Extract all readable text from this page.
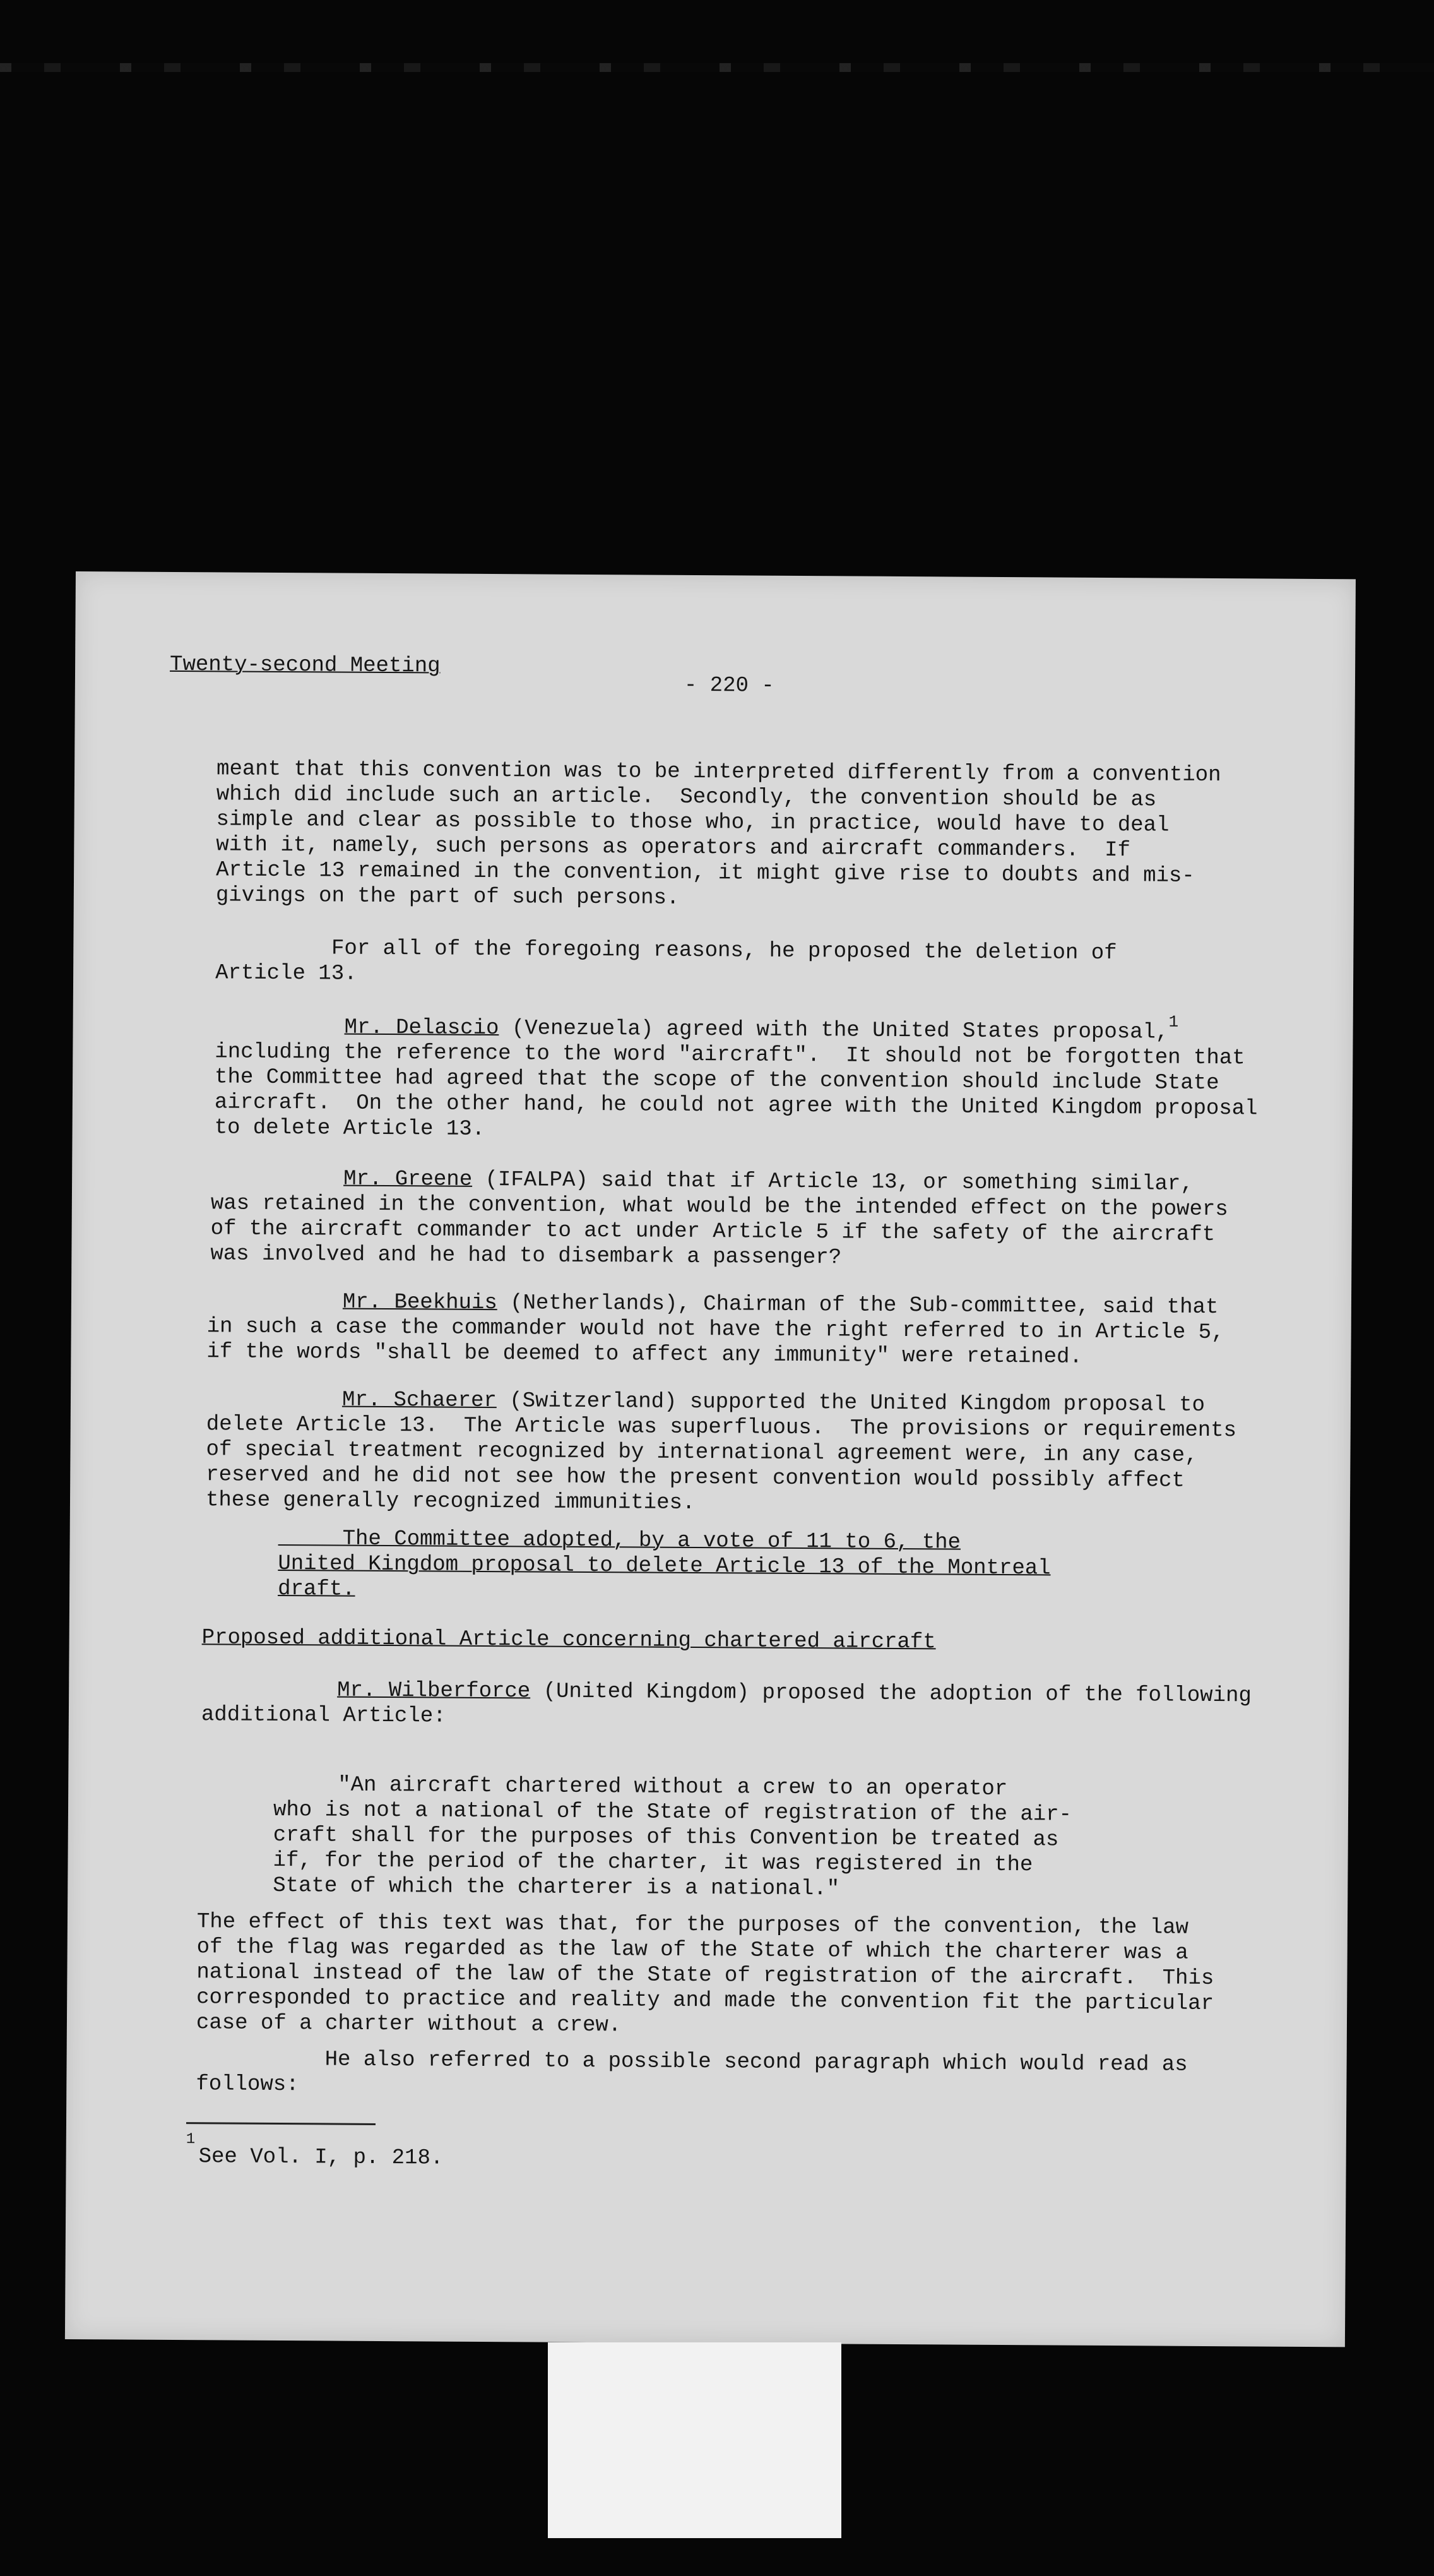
Twenty-second Meeting
- 220 -
meant that this convention was to be interpreted differently from a convention
which did include such an article.  Secondly, the convention should be as
simple and clear as possible to those who, in practice, would have to deal
with it, namely, such persons as operators and aircraft commanders.  If
Article 13 remained in the convention, it might give rise to doubts and mis-
givings on the part of such persons.
For all of the foregoing reasons, he proposed the deletion of
Article 13.
Mr. Delascio (Venezuela) agreed with the United States proposal,$^1$
including the reference to the word "aircraft".  It should not be forgotten that
the Committee had agreed that the scope of the convention should include State
aircraft.  On the other hand, he could not agree with the United Kingdom proposal
to delete Article 13.
Mr. Greene (IFALPA) said that if Article 13, or something similar,
was retained in the convention, what would be the intended effect on the powers
of the aircraft commander to act under Article 5 if the safety of the aircraft
was involved and he had to disembark a passenger?
Mr. Beekhuis (Netherlands), Chairman of the Sub-committee, said that
in such a case the commander would not have the right referred to in Article 5,
if the words "shall be deemed to affect any immunity" were retained.
Mr. Schaerer (Switzerland) supported the United Kingdom proposal to
delete Article 13.  The Article was superfluous.  The provisions or requirements
of special treatment recognized by international agreement were, in any case,
reserved and he did not see how the present convention would possibly affect
these generally recognized immunities.
The Committee adopted, by a vote of 11 to 6, the
United Kingdom proposal to delete Article 13 of the Montreal
draft.
Proposed additional Article concerning chartered aircraft
Mr. Wilberforce (United Kingdom) proposed the adoption of the following
additional Article:
"An aircraft chartered without a crew to an operator
who is not a national of the State of registration of the air-
craft shall for the purposes of this Convention be treated as
if, for the period of the charter, it was registered in the
State of which the charterer is a national."
The effect of this text was that, for the purposes of the convention, the law
of the flag was regarded as the law of the State of which the charterer was a
national instead of the law of the State of registration of the aircraft.  This
corresponded to practice and reality and made the convention fit the particular
case of a charter without a crew.
He also referred to a possible second paragraph which would read as
follows:
1
See Vol. I, p. 218.
